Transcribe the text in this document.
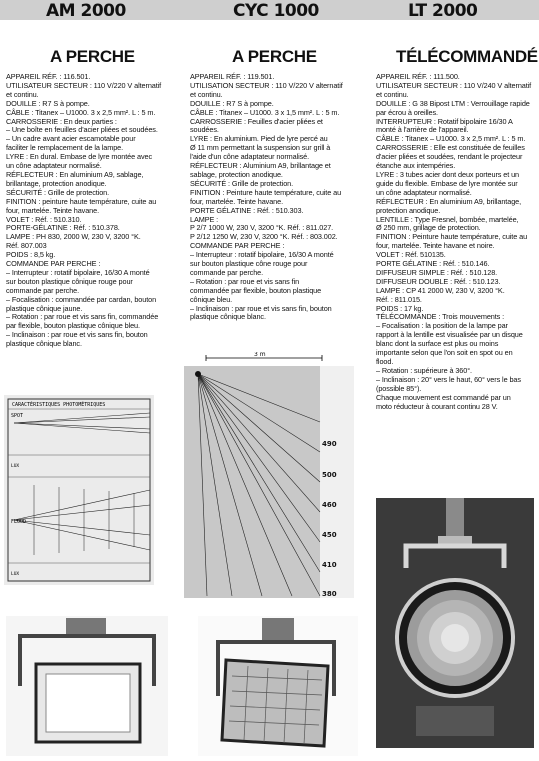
AM 2000	CYC 1000	LT 2000
A PERCHE	A PERCHE	TÉLÉCOMMANDÉ
APPAREIL RÉF. : 116.501.
UTILISATEUR SECTEUR : 110 V/220 V alternatif
et continu.
DOUILLE : R7 S à pompe.
CÂBLE : Titanex – U1000. 3 x 2,5 mm². L : 5 m.
CARROSSERIE : En deux parties :
– Une boîte en feuilles d'acier pliées et soudées.
– Un cadre avant acier escamotable pour
faciliter le remplacement de la lampe.
LYRE : En dural. Embase de lyre montée avec
un cône adaptateur normalisé.
RÉFLECTEUR : En aluminium A9, sablage,
brillantage, protection anodique.
SÉCURITÉ : Grille de protection.
FINITION : peinture haute température, cuite au
four, martelée. Teinte havane.
VOLET : Réf. : 510.310.
PORTE-GÉLATINE : Réf. : 510.378.
LAMPE : PH 830, 2000 W, 230 V, 3200 °K.
Réf. 807.003
POIDS : 8,5 kg.
COMMANDE PAR PERCHE :
– Interrupteur : rotatif bipolaire, 16/30 A monté
sur bouton plastique cônique rouge pour
commande par perche.
– Focalisation : commandée par cardan, bouton
plastique cônique jaune.
– Rotation : par roue et vis sans fin, commandée
par flexible, bouton plastique cônique bleu.
– Inclinaison : par roue et vis sans fin, bouton
plastique cônique blanc.
APPAREIL RÉF. : 119.501.
UTILISATION SECTEUR : 110 V/220 V alternatif
et continu.
DOUILLE : R7 S à pompe.
CÂBLE : Titanex – U1000. 3 x 1,5 mm². L : 5 m.
CARROSSERIE : Feuilles d'acier pliées et
soudées.
LYRE : En aluminium. Pied de lyre percé au
Ø 11 mm permettant la suspension sur grill à
l'aide d'un cône adaptateur normalisé.
RÉFLECTEUR : Aluminium A9, brillantage et
sablage, protection anodique.
SÉCURITÉ : Grille de protection.
FINITION : Peinture haute température, cuite au
four, martelée. Teinte havane.
PORTE GÉLATINE : Réf. : 510.303.
LAMPE :
P 2/7 1000 W, 230 V, 3200 °K. Réf. : 811.027.
P 2/12 1250 W, 230 V, 3200 °K. Réf. : 803.002.
COMMANDE PAR PERCHE :
– Interrupteur : rotatif bipolaire, 16/30 A monté
sur bouton plastique cône rouge pour
commande par perche.
– Rotation : par roue et vis sans fin
commandée par flexible, bouton plastique
cônique bleu.
– Inclinaison : par roue et vis sans fin, bouton
plastique cônique blanc.
APPAREIL RÉF. : 111.500.
UTILISATEUR SECTEUR : 110 V/240 V alternatif
et continu.
DOUILLE : G 38 Bipost LTM : Verrouillage rapide
par écrou à oreilles.
INTERRUPTEUR : Rotatif bipolaire 16/30 A
monté à l'arrière de l'appareil.
CÂBLE : Titanex – U1000. 3 x 2,5 mm². L : 5 m.
CARROSSERIE : Elle est constituée de feuilles
d'acier pliées et soudées, rendant le projecteur
étanche aux intempéries.
LYRE : 3 tubes acier dont deux porteurs et un
guide du flexible. Embase de lyre montée sur
un cône adaptateur normalisé.
RÉFLECTEUR : En aluminium A9, brillantage,
protection anodique.
LENTILLE : Type Fresnel, bombée, martelée,
Ø 250 mm, grillage de protection.
FINITION : Peinture haute température, cuite au
four, martelée. Teinte havane et noire.
VOLET : Réf. 510135.
PORTE GÉLATINE : Réf. : 510.146.
DIFFUSEUR SIMPLE : Réf. : 510.128.
DIFFUSEUR DOUBLE : Réf. : 510.123.
LAMPE : CP 41 2000 W, 230 V, 3200 °K.
Réf. : 811.015.
POIDS : 17 kg.
TÉLÉCOMMANDE : Trois mouvements :
– Focalisation : la position de la lampe par
rapport à la lentille est visualisée par un disque
blanc dont la surface est plus ou moins
importante selon que l'on soit en spot ou en
flood.
– Rotation : supérieure à 360°.
– Inclinaison : 20° vers le haut, 60° vers le bas
(possible 85°).
Chaque mouvement est commandé par un
moto réducteur à courant continu 28 V.
CARACTÉRISTIQUES PHOTOMÉTRIQUES
SPOT
FLOOD
LUX
LUX
3 m
490
500
460
450
410
380
